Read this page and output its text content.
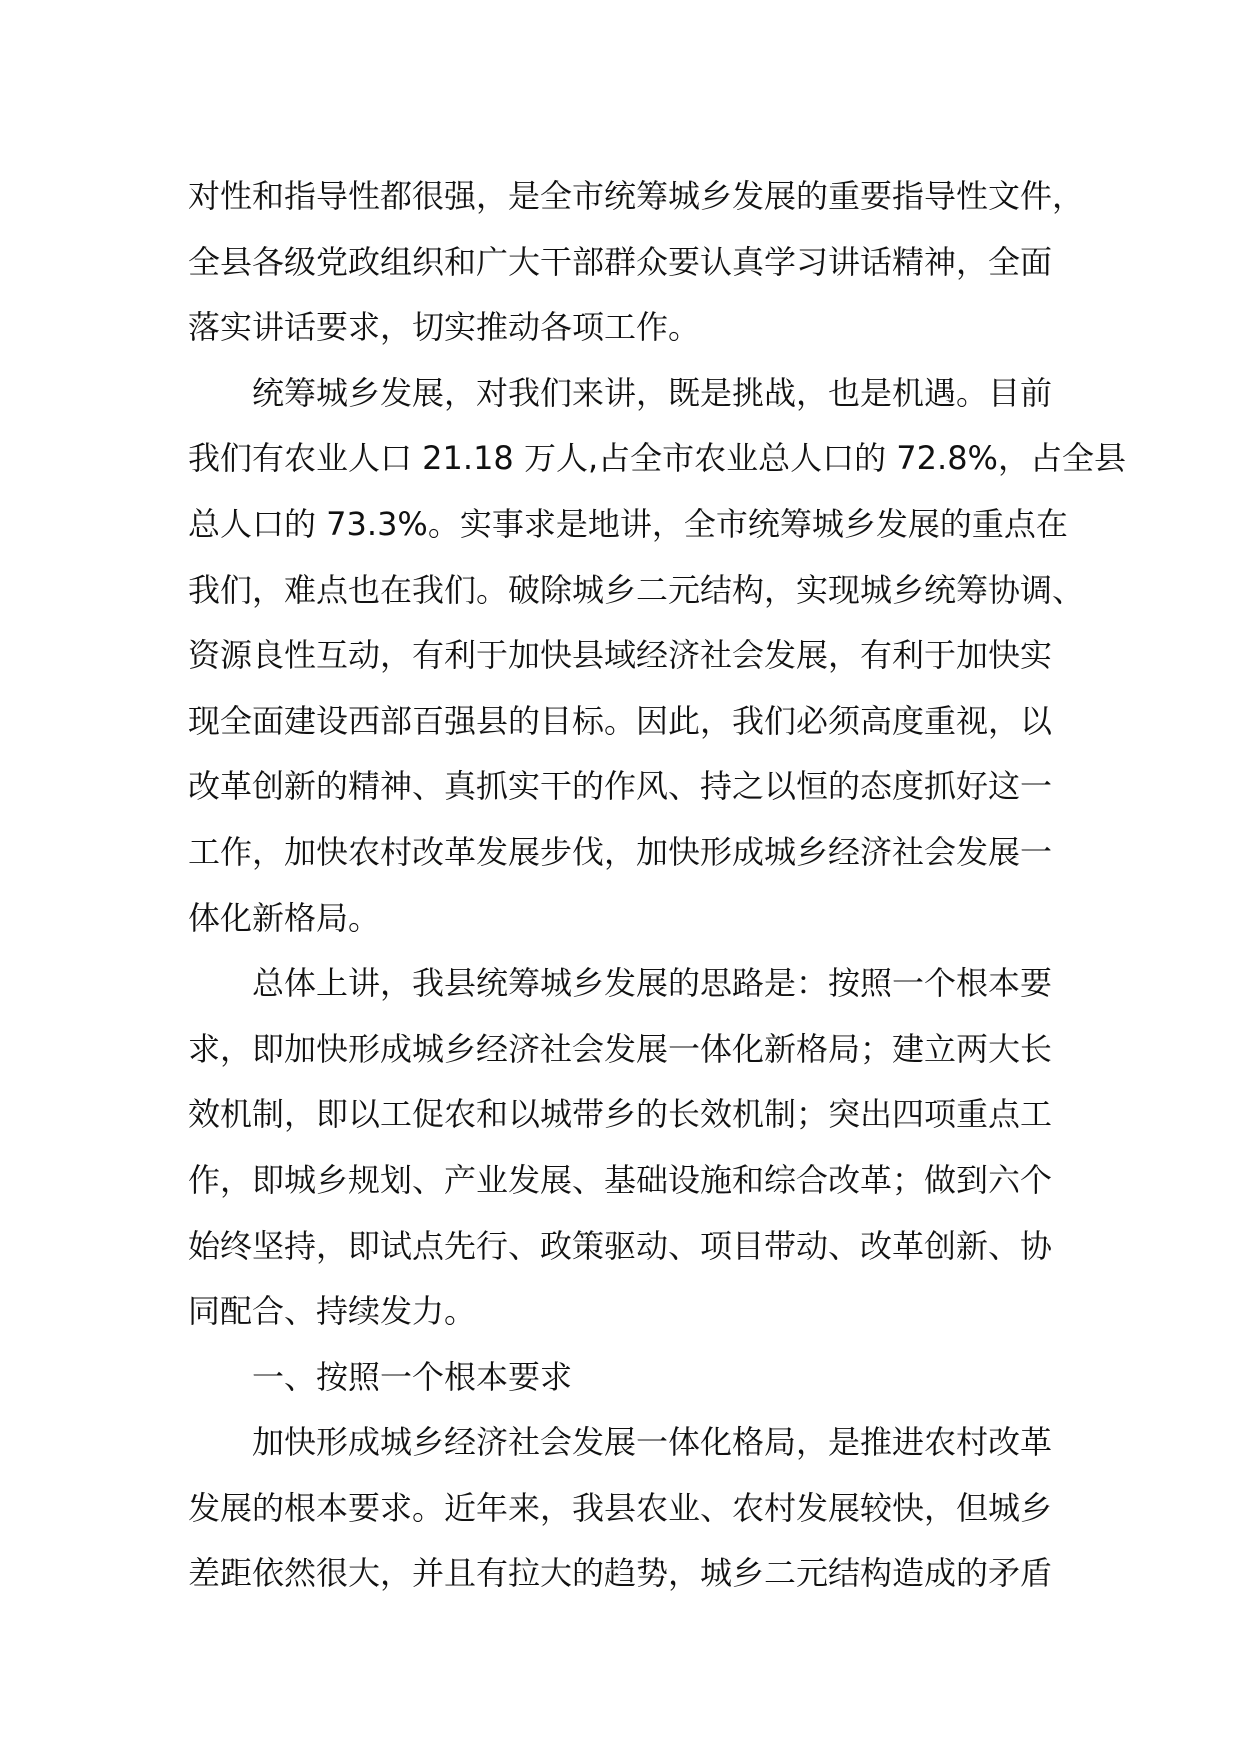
对性和指导性都很强，是全市统筹城乡发展的重要指导性文件，
全县各级党政组织和广大干部群众要认真学习讲话精神，全面
落实讲话要求，切实推动各项工作。
统筹城乡发展，对我们来讲，既是挑战，也是机遇。目前
我们有农业人口 21.18 万人,占全市农业总人口的 72.8%，占全县
总人口的 73.3%。实事求是地讲，全市统筹城乡发展的重点在
我们，难点也在我们。破除城乡二元结构，实现城乡统筹协调、
资源良性互动，有利于加快县域经济社会发展，有利于加快实
现全面建设西部百强县的目标。因此，我们必须高度重视，以
改革创新的精神、真抓实干的作风、持之以恒的态度抓好这一
工作，加快农村改革发展步伐，加快形成城乡经济社会发展一
体化新格局。
总体上讲，我县统筹城乡发展的思路是：按照一个根本要
求，即加快形成城乡经济社会发展一体化新格局；建立两大长
效机制，即以工促农和以城带乡的长效机制；突出四项重点工
作，即城乡规划、产业发展、基础设施和综合改革；做到六个
始终坚持，即试点先行、政策驱动、项目带动、改革创新、协
同配合、持续发力。
一、按照一个根本要求
加快形成城乡经济社会发展一体化格局，是推进农村改革
发展的根本要求。近年来，我县农业、农村发展较快，但城乡
差距依然很大，并且有拉大的趋势，城乡二元结构造成的矛盾
